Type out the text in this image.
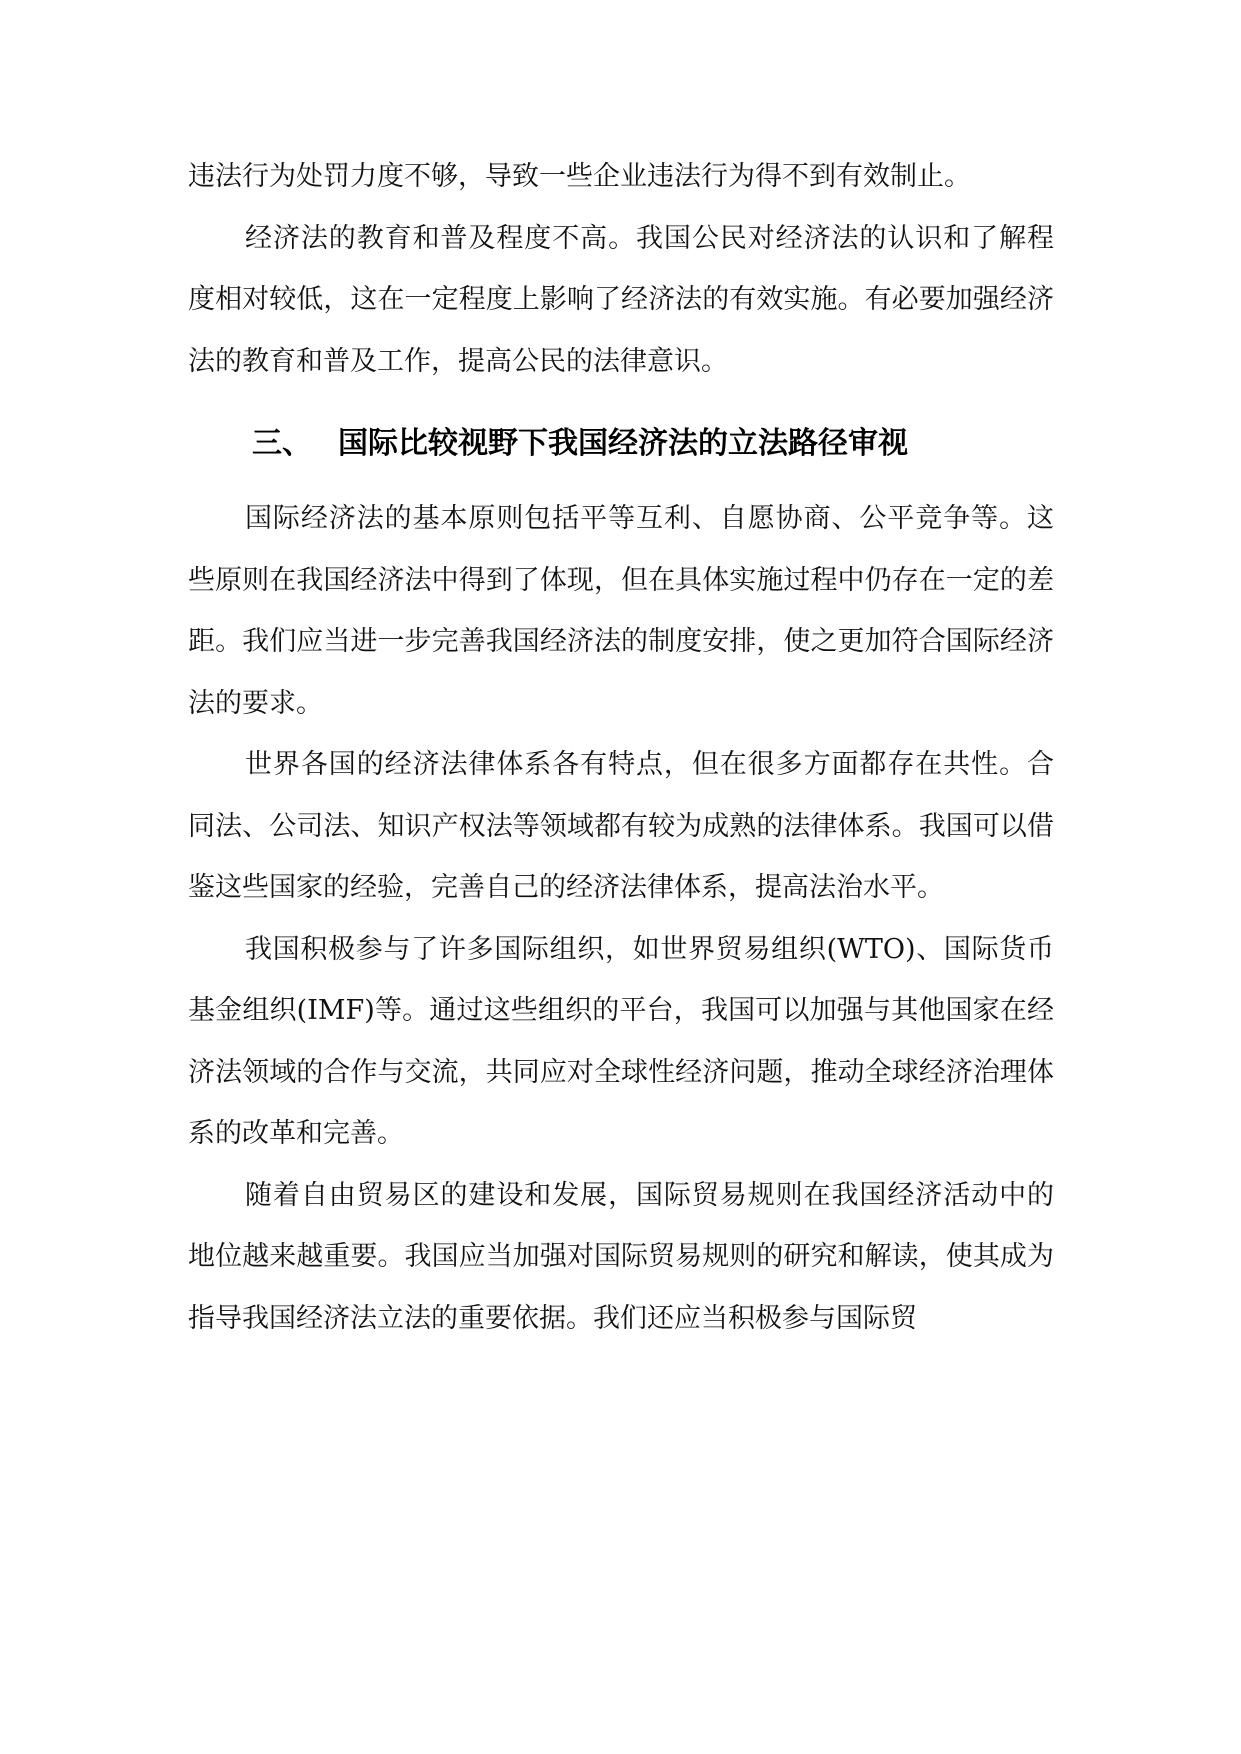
违法行为处罚力度不够，导致一些企业违法行为得不到有效制止。

经济法的教育和普及程度不高。我国公民对经济法的认识和了解程度相对较低，这在一定程度上影响了经济法的有效实施。有必要加强经济法的教育和普及工作，提高公民的法律意识。

三、 国际比较视野下我国经济法的立法路径审视

国际经济法的基本原则包括平等互利、自愿协商、公平竞争等。这些原则在我国经济法中得到了体现，但在具体实施过程中仍存在一定的差距。我们应当进一步完善我国经济法的制度安排，使之更加符合国际经济法的要求。

世界各国的经济法律体系各有特点，但在很多方面都存在共性。合同法、公司法、知识产权法等领域都有较为成熟的法律体系。我国可以借鉴这些国家的经验，完善自己的经济法律体系，提高法治水平。

我国积极参与了许多国际组织，如世界贸易组织(WTO)、国际货币基金组织(IMF)等。通过这些组织的平台，我国可以加强与其他国家在经济法领域的合作与交流，共同应对全球性经济问题，推动全球经济治理体系的改革和完善。

随着自由贸易区的建设和发展，国际贸易规则在我国经济活动中的地位越来越重要。我国应当加强对国际贸易规则的研究和解读，使其成为指导我国经济法立法的重要依据。我们还应当积极参与国际贸
